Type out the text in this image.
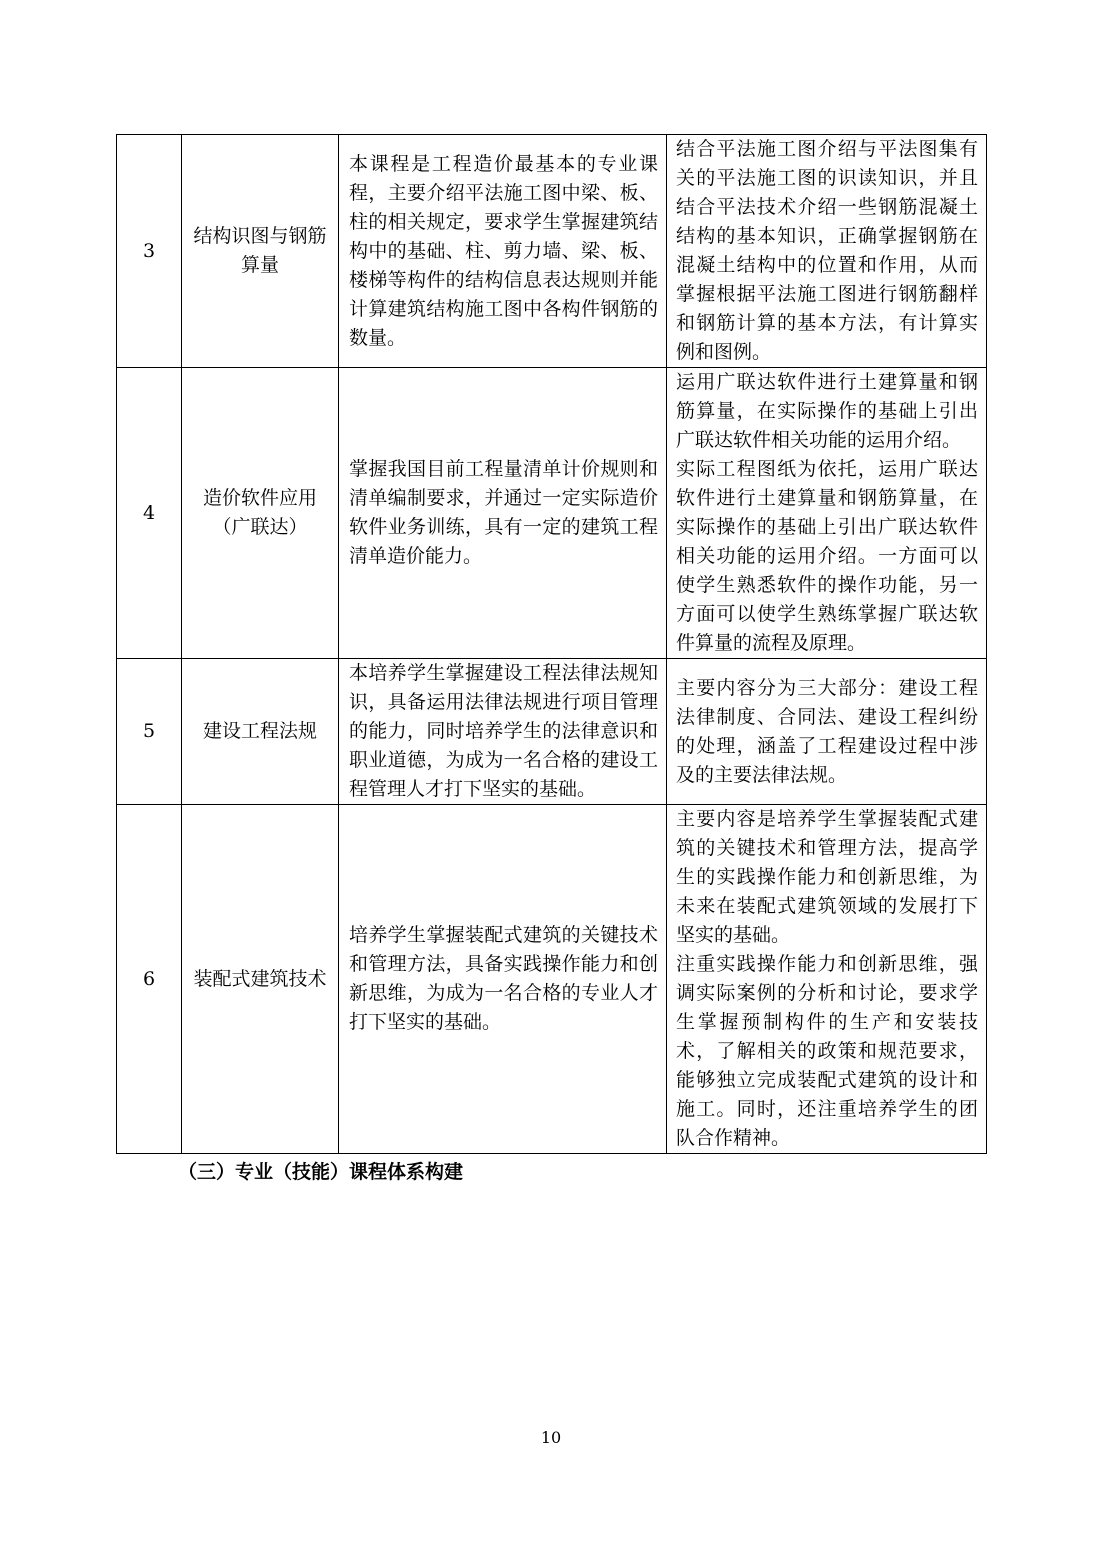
3	结构识图与钢筋算量	本课程是工程造价最基本的专业课程，主要介绍平法施工图中梁、板、柱的相关规定，要求学生掌握建筑结构中的基础、柱、剪力墙、梁、板、楼梯等构件的结构信息表达规则并能计算建筑结构施工图中各构件钢筋的数量。	结合平法施工图介绍与平法图集有关的平法施工图的识读知识，并且结合平法技术介绍一些钢筋混凝土结构的基本知识，正确掌握钢筋在混凝土结构中的位置和作用，从而掌握根据平法施工图进行钢筋翻样和钢筋计算的基本方法，有计算实例和图例。

4	造价软件应用（广联达）	掌握我国目前工程量清单计价规则和清单编制要求，并通过一定实际造价软件业务训练，具有一定的建筑工程清单造价能力。	运用广联达软件进行土建算量和钢筋算量，在实际操作的基础上引出广联达软件相关功能的运用介绍。
实际工程图纸为依托，运用广联达软件进行土建算量和钢筋算量，在实际操作的基础上引出广联达软件相关功能的运用介绍。一方面可以使学生熟悉软件的操作功能，另一方面可以使学生熟练掌握广联达软件算量的流程及原理。

5	建设工程法规	本培养学生掌握建设工程法律法规知识，具备运用法律法规进行项目管理的能力，同时培养学生的法律意识和职业道德，为成为一名合格的建设工程管理人才打下坚实的基础。	主要内容分为三大部分：建设工程法律制度、合同法、建设工程纠纷的处理，涵盖了工程建设过程中涉及的主要法律法规。

6	装配式建筑技术	培养学生掌握装配式建筑的关键技术和管理方法，具备实践操作能力和创新思维，为成为一名合格的专业人才打下坚实的基础。	主要内容是培养学生掌握装配式建筑的关键技术和管理方法，提高学生的实践操作能力和创新思维，为未来在装配式建筑领域的发展打下坚实的基础。
注重实践操作能力和创新思维，强调实际案例的分析和讨论，要求学生掌握预制构件的生产和安装技术，了解相关的政策和规范要求，能够独立完成装配式建筑的设计和施工。同时，还注重培养学生的团队合作精神。
（三）专业（技能）课程体系构建
10
